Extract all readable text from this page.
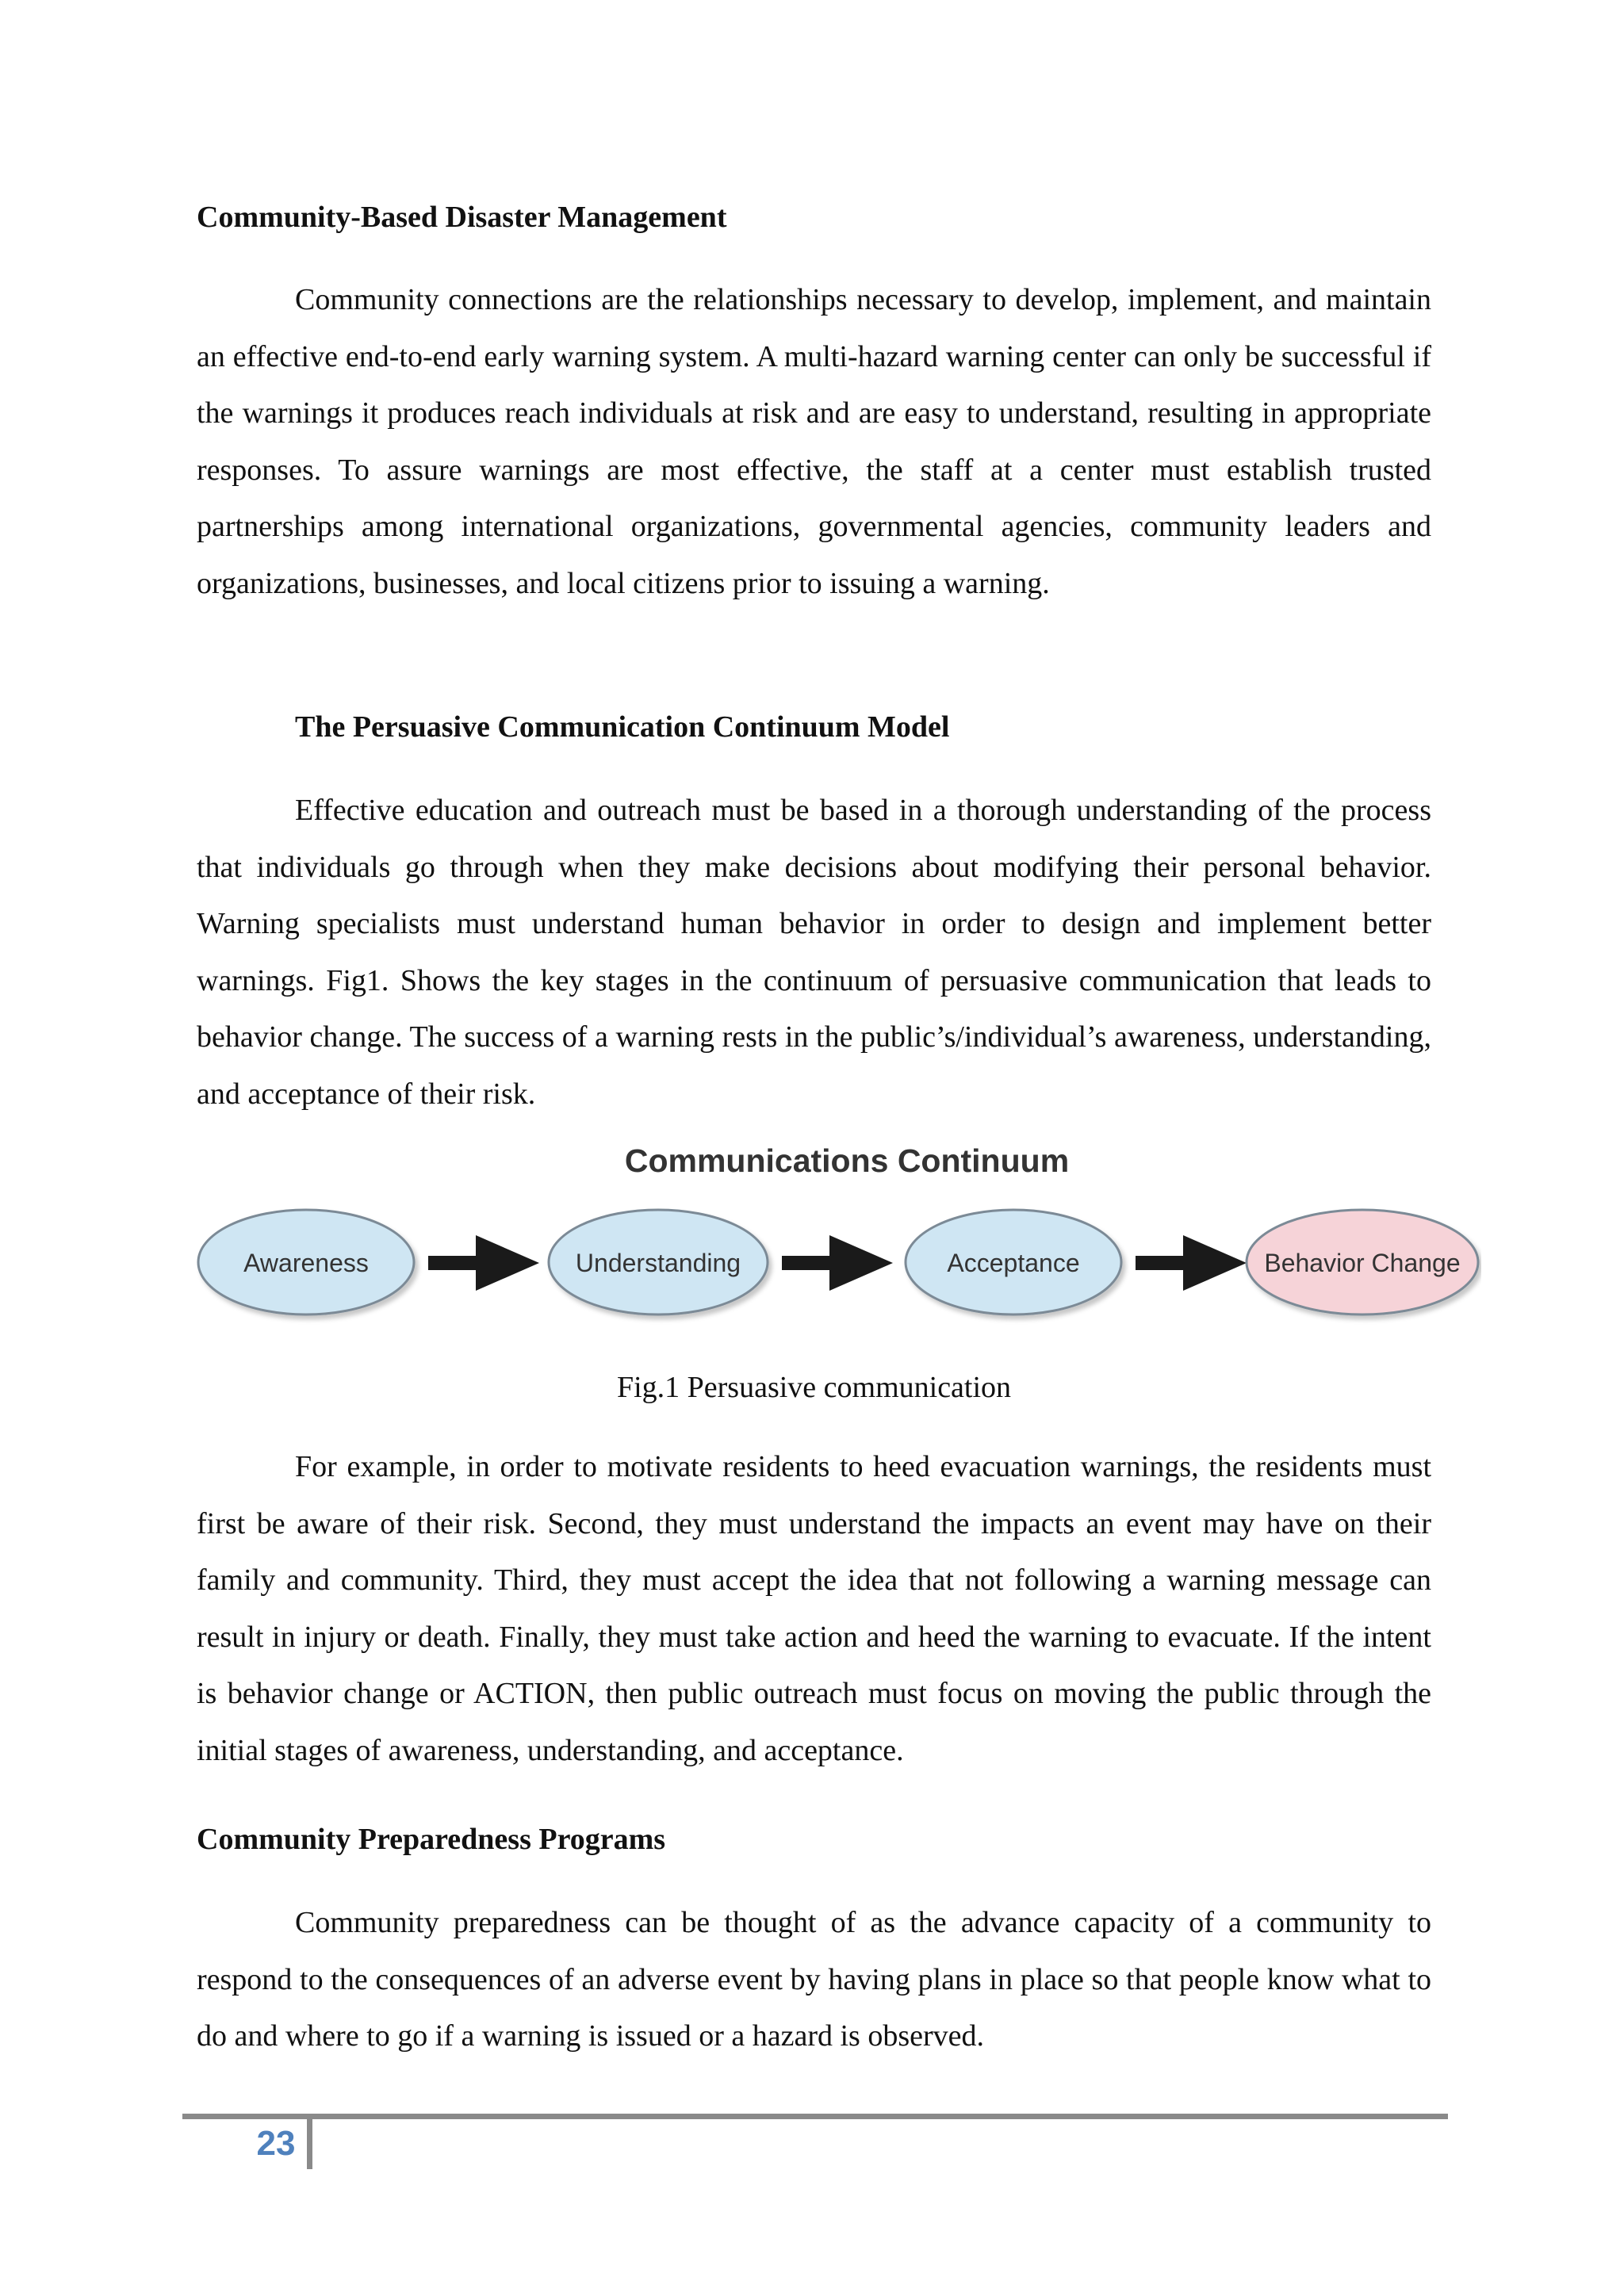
Community-Based Disaster Management

Community connections are the relationships necessary to develop, implement, and maintain an effective end-to-end early warning system. A multi-hazard warning center can only be successful if the warnings it produces reach individuals at risk and are easy to understand, resulting in appropriate responses. To assure warnings are most effective, the staff at a center must establish trusted partnerships among international organizations, governmental agencies, community leaders and organizations, businesses, and local citizens prior to issuing a warning.

The Persuasive Communication Continuum Model

Effective education and outreach must be based in a thorough understanding of the process that individuals go through when they make decisions about modifying their personal behavior. Warning specialists must understand human behavior in order to design and implement better warnings. Fig1. Shows the key stages in the continuum of persuasive communication that leads to behavior change. The success of a warning rests in the public’s/individual’s awareness, understanding, and acceptance of their risk.

Communications Continuum
Awareness	Understanding	Acceptance	Behavior Change
Fig.1 Persuasive communication

For example, in order to motivate residents to heed evacuation warnings, the residents must first be aware of their risk. Second, they must understand the impacts an event may have on their family and community. Third, they must accept the idea that not following a warning message can result in injury or death. Finally, they must take action and heed the warning to evacuate. If the intent is behavior change or ACTION, then public outreach must focus on moving the public through the initial stages of awareness, understanding, and acceptance.

Community Preparedness Programs

Community preparedness can be thought of as the advance capacity of a community to respond to the consequences of an adverse event by having plans in place so that people know what to do and where to go if a warning is issued or a hazard is observed.

23
